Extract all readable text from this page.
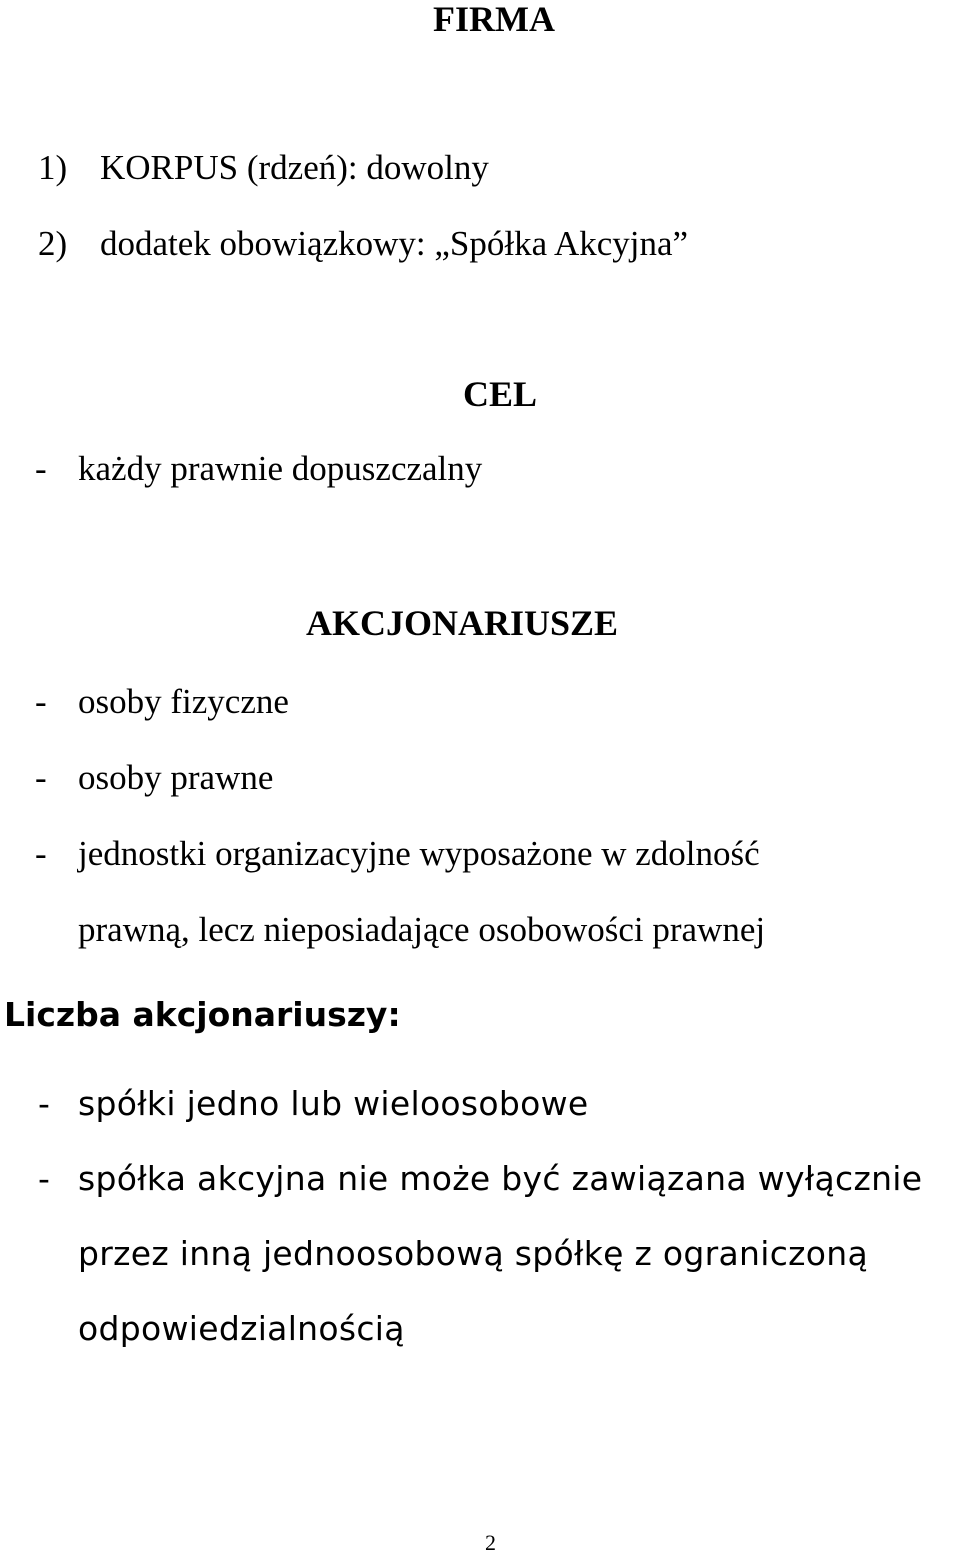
FIRMA
1) KORPUS (rdzeń): dowolny
2) dodatek obowiązkowy: „Spółka Akcyjna”
CEL
- każdy prawnie dopuszczalny
AKCJONARIUSZE
- osoby fizyczne
- osoby prawne
- jednostki organizacyjne wyposażone w zdolność
prawną, lecz nieposiadające osobowości prawnej
Liczba akcjonariuszy:
- spółki jedno lub wieloosobowe
- spółka akcyjna nie może być zawiązana wyłącznie
przez inną jednoosobową spółkę z ograniczoną
odpowiedzialnością
2
